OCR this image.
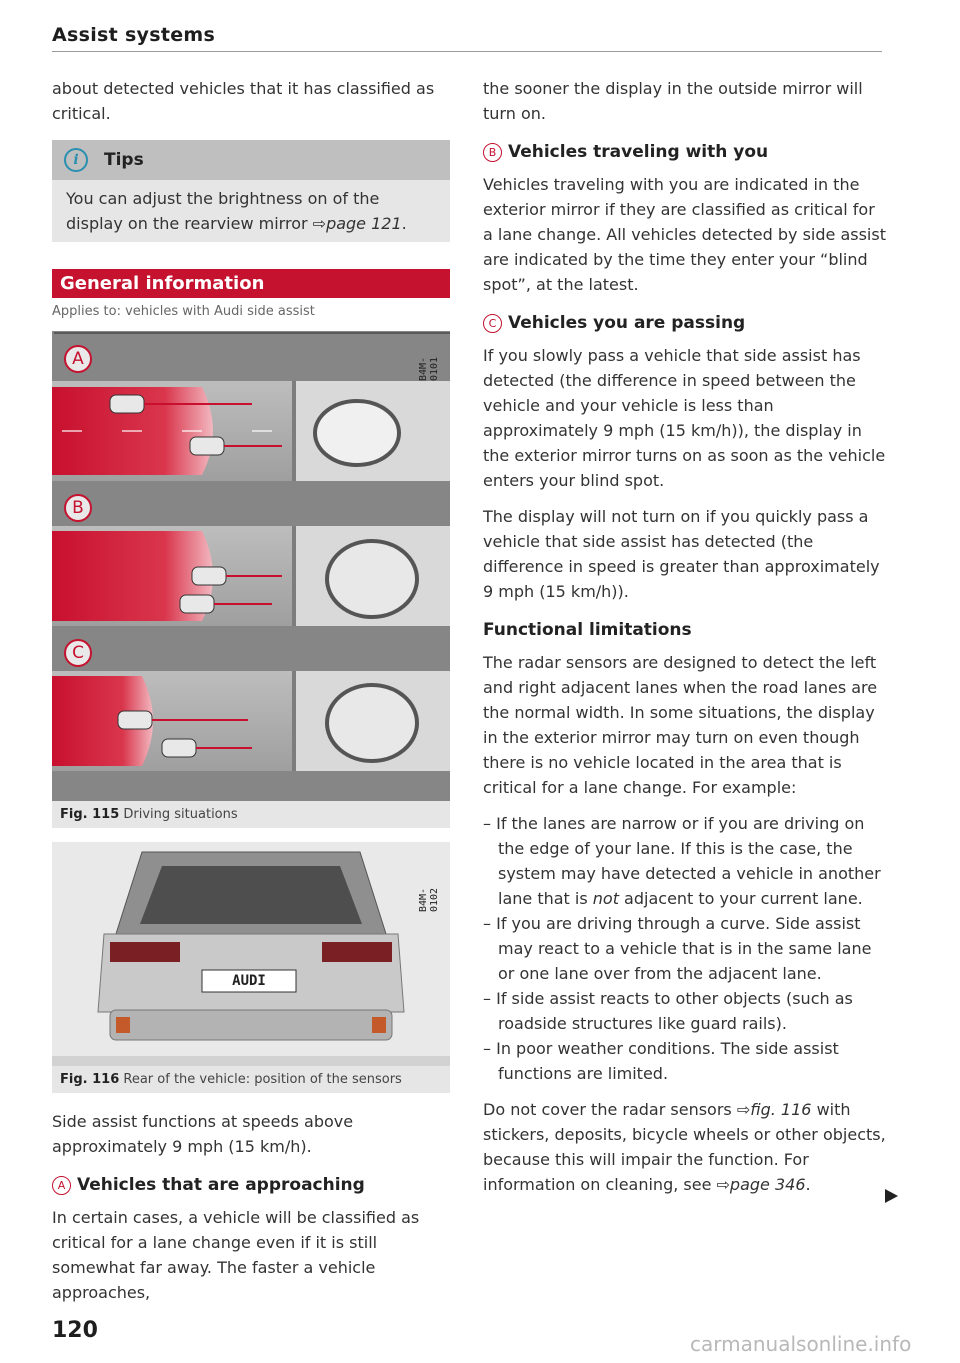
Assist systems

about detected vehicles that it has classified as critical.

i	Tips
You can adjust the brightness on of the display on the rearview mirror ⇨page 121.
General information
Applies to: vehicles with Audi side assist
A
B
C
B4M-0101
Fig. 115 Driving situations
AUDI
B4M-0102
Fig. 116 Rear of the vehicle: position of the sensors

Side assist functions at speeds above approximately 9 mph (15 km/h).

A Vehicles that are approaching

In certain cases, a vehicle will be classified as critical for a lane change even if it is still somewhat far away. The faster a vehicle approaches,

the sooner the display in the outside mirror will turn on.

B Vehicles traveling with you

Vehicles traveling with you are indicated in the exterior mirror if they are classified as critical for a lane change. All vehicles detected by side assist are indicated by the time they enter your “blind spot”, at the latest.

C Vehicles you are passing

If you slowly pass a vehicle that side assist has detected (the difference in speed between the vehicle and your vehicle is less than approximately 9 mph (15 km/h)), the display in the exterior mirror turns on as soon as the vehicle enters your blind spot.

The display will not turn on if you quickly pass a vehicle that side assist has detected (the difference in speed is greater than approximately 9 mph (15 km/h)).

Functional limitations

The radar sensors are designed to detect the left and right adjacent lanes when the road lanes are the normal width. In some situations, the display in the exterior mirror may turn on even though there is no vehicle located in the area that is critical for a lane change. For example:

– If the lanes are narrow or if you are driving on the edge of your lane. If this is the case, the system may have detected a vehicle in another lane that is not adjacent to your current lane.
– If you are driving through a curve. Side assist may react to a vehicle that is in the same lane or one lane over from the adjacent lane.
– If side assist reacts to other objects (such as roadside structures like guard rails).
– In poor weather conditions. The side assist functions are limited.

Do not cover the radar sensors ⇨fig. 116 with stickers, deposits, bicycle wheels or other objects, because this will impair the function. For information on cleaning, see ⇨page 346.

120
carmanualsonline.info
